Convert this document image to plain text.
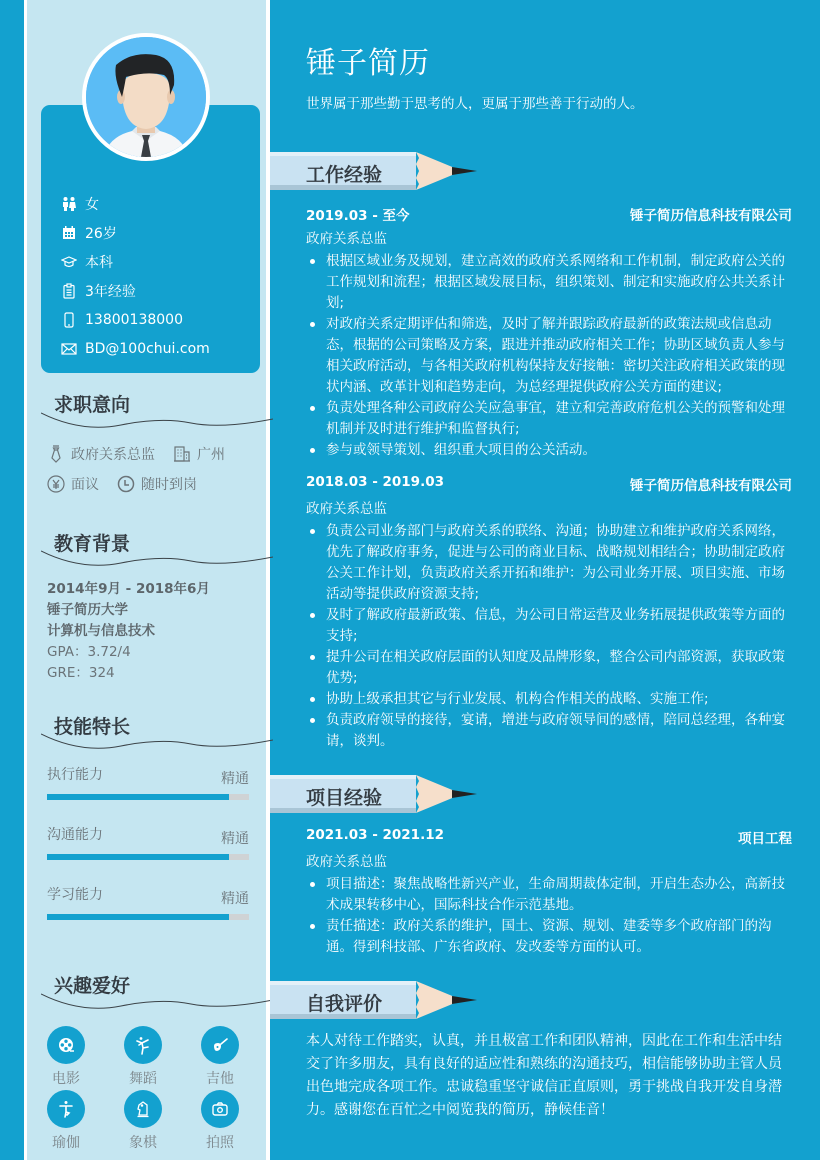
女
26岁
本科
3年经验
13800138000
BD@100chui.com
求职意向
政府关系总监	广州
面议	随时到岗
教育背景
2014年9月 - 2018年6月
锤子简历大学
计算机与信息技术
GPA：3.72/4
GRE：324
技能特长
执行能力	精通
沟通能力	精通
学习能力	精通
兴趣爱好
电影	舞蹈	吉他
瑜伽	象棋	拍照
锤子简历
世界属于那些勤于思考的人，更属于那些善于行动的人。
工作经验
2019.03 - 至今	锤子简历信息科技有限公司
政府关系总监
根据区域业务及规划，建立高效的政府关系网络和工作机制，制定政府公关的工作规划和流程；根据区域发展目标，组织策划、制定和实施政府公共关系计划;
对政府关系定期评估和筛选，及时了解并跟踪政府最新的政策法规或信息动态，根据的公司策略及方案，跟进并推动政府相关工作；协助区域负责人参与相关政府活动，与各相关政府机构保持友好接触：密切关注政府相关政策的现状内涵、改革计划和趋势走向，为总经理提供政府公关方面的建议;
负责处理各种公司政府公关应急事宜，建立和完善政府危机公关的预警和处理机制并及时进行维护和监督执行;
参与或领导策划、组织重大项目的公关活动。
2018.03 - 2019.03	锤子简历信息科技有限公司
政府关系总监
负责公司业务部门与政府关系的联络、沟通；协助建立和维护政府关系网络，优先了解政府事务，促进与公司的商业目标、战略规划相结合；协助制定政府公关工作计划，负责政府关系开拓和维护：为公司业务开展、项目实施、市场活动等提供政府资源支持;
及时了解政府最新政策、信息，为公司日常运营及业务拓展提供政策等方面的支持;
提升公司在相关政府层面的认知度及品牌形象，整合公司内部资源，获取政策优势;
协助上级承担其它与行业发展、机构合作相关的战略、实施工作;
负责政府领导的接待，宴请，增进与政府领导间的感情，陪同总经理，各种宴请，谈判。
项目经验
2021.03 - 2021.12	项目工程
政府关系总监
项目描述：聚焦战略性新兴产业，生命周期裁体定制，开启生态办公，高新技术成果转移中心，国际科技合作示范基地。
责任描述：政府关系的维护，国土、资源、规划、建委等多个政府部门的沟通。得到科技部、广东省政府、发改委等方面的认可。
自我评价

本人对待工作踏实，认真，并且极富工作和团队精神，因此在工作和生活中结交了许多朋友，具有良好的适应性和熟练的沟通技巧，相信能够协助主管人员出色地完成各项工作。忠诚稳重坚守诚信正直原则，勇于挑战自我开发自身潜力。感谢您在百忙之中阅览我的简历，静候佳音！
